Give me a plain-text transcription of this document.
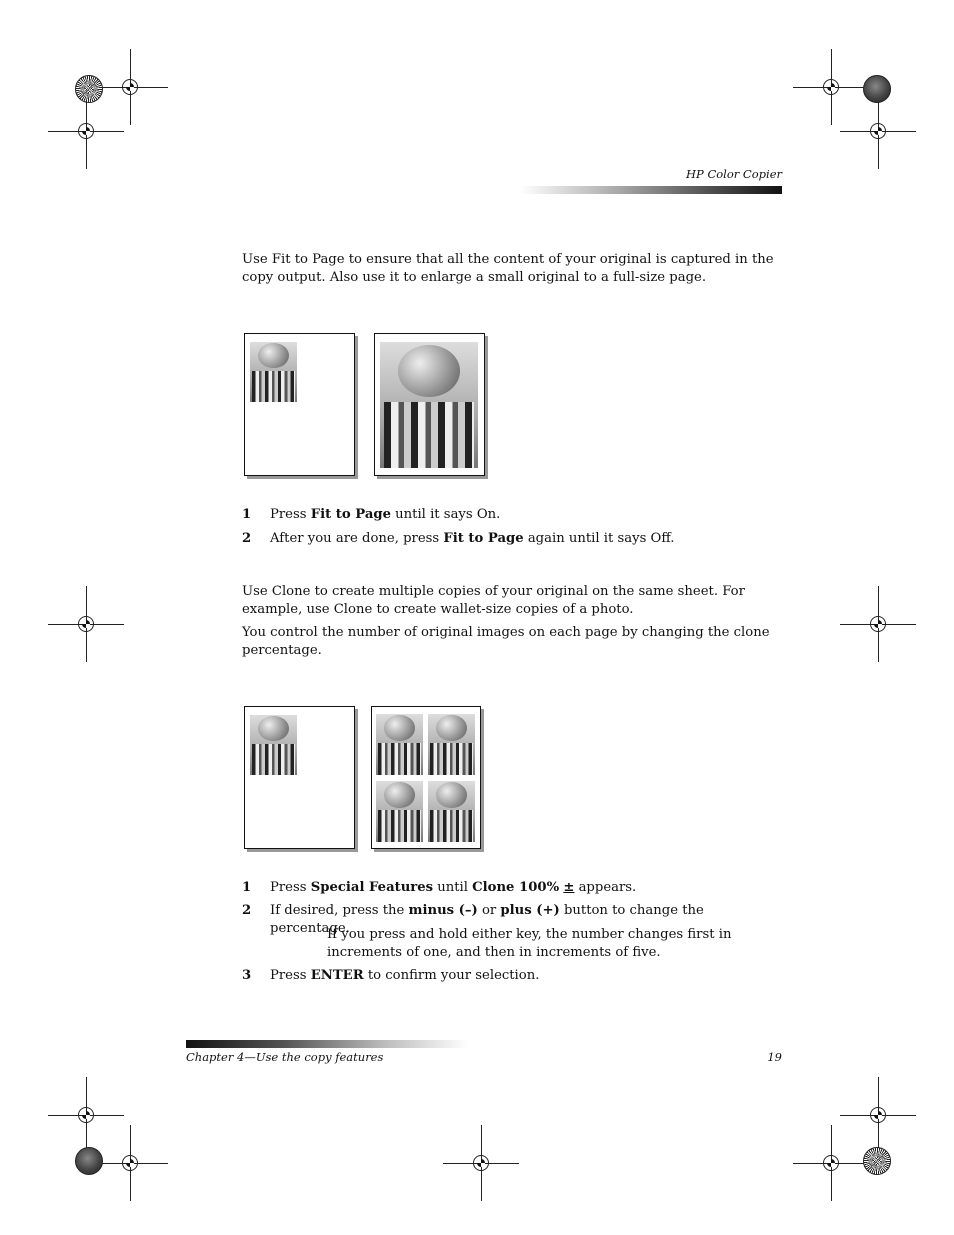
HP Color Copier

Use Fit to Page to ensure that all the content of your original is captured in the copy output. Also use it to enlarge a small original to a full-size page.

1 Press Fit to Page until it says On.
2 After you are done, press Fit to Page again until it says Off.

Use Clone to create multiple copies of your original on the same sheet. For example, use Clone to create wallet-size copies of a photo.

You control the number of original images on each page by changing the clone percentage.

1 Press Special Features until Clone 100% ± appears.
2 If desired, press the minus (–) or plus (+) button to change the percentage.
If you press and hold either key, the number changes first in increments of one, and then in increments of five.
3 Press ENTER to confirm your selection.
Chapter 4—Use the copy features	19
